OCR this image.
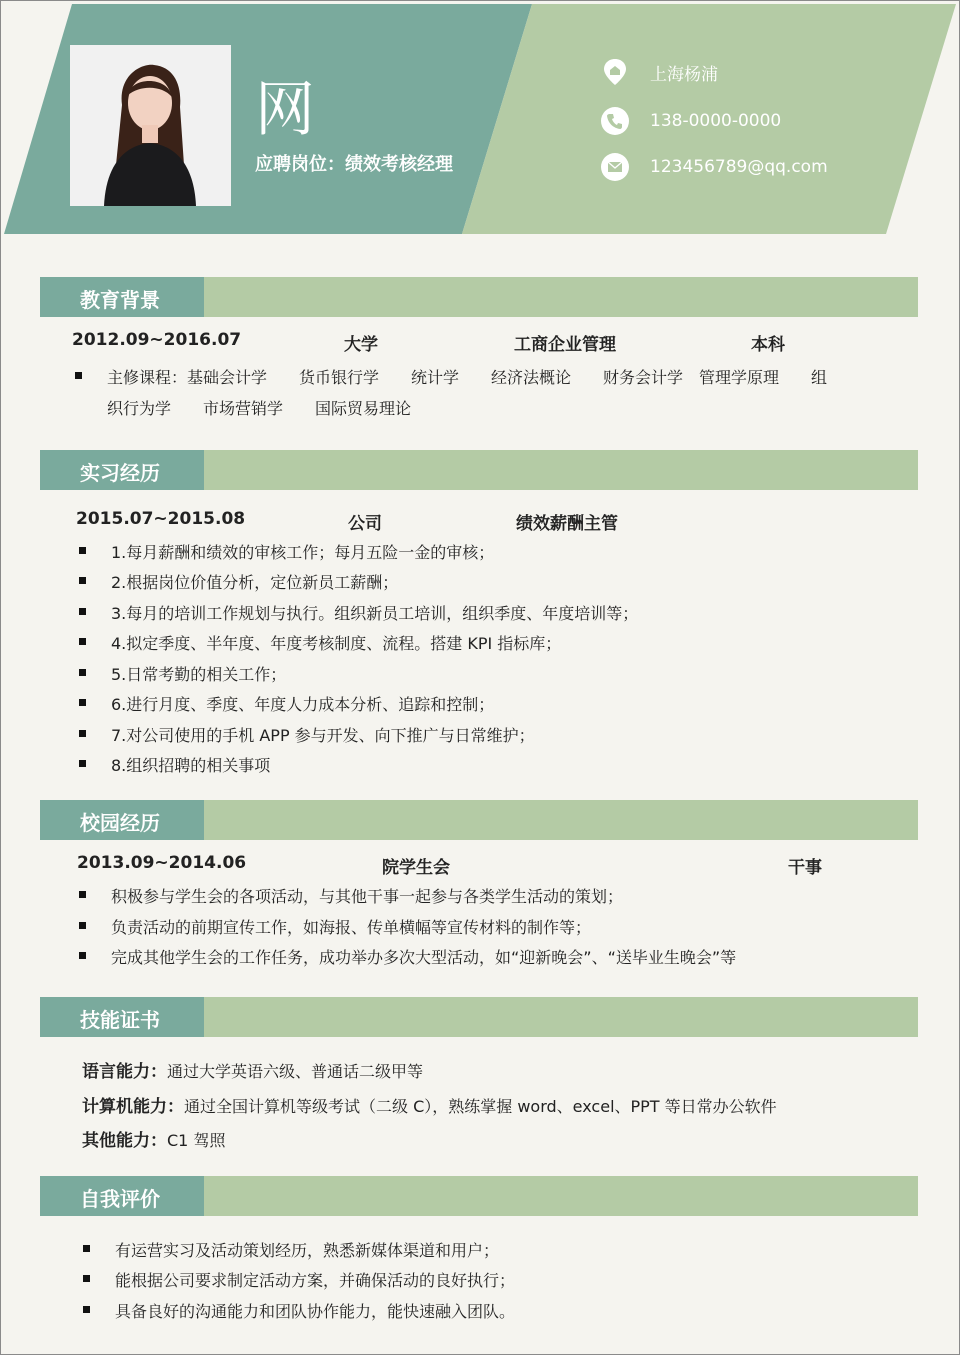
网
应聘岗位：绩效考核经理
上海杨浦
138-0000-0000
123456789@qq.com
教育背景
2012.09~2016.07	大学	工商企业管理	本科
主修课程：基础会计学　　货币银行学　　统计学　　经济法概论　　财务会计学　管理学原理　　组
织行为学　　市场营销学　　国际贸易理论
实习经历
2015.07~2015.08	公司	绩效薪酬主管
1.每月薪酬和绩效的审核工作；每月五险一金的审核；
2.根据岗位价值分析，定位新员工薪酬；
3.每月的培训工作规划与执行。组织新员工培训，组织季度、年度培训等；
4.拟定季度、半年度、年度考核制度、流程。搭建 KPI 指标库；
5.日常考勤的相关工作；
6.进行月度、季度、年度人力成本分析、追踪和控制；
7.对公司使用的手机 APP 参与开发、向下推广与日常维护；
8.组织招聘的相关事项
校园经历
2013.09~2014.06	院学生会	干事
积极参与学生会的各项活动，与其他干事一起参与各类学生活动的策划；
负责活动的前期宣传工作，如海报、传单横幅等宣传材料的制作等；
完成其他学生会的工作任务，成功举办多次大型活动，如“迎新晚会”、“送毕业生晚会”等
技能证书
语言能力：通过大学英语六级、普通话二级甲等
计算机能力：通过全国计算机等级考试（二级 C），熟练掌握 word、excel、PPT 等日常办公软件
其他能力：C1 驾照
自我评价
有运营实习及活动策划经历，熟悉新媒体渠道和用户；
能根据公司要求制定活动方案，并确保活动的良好执行；
具备良好的沟通能力和团队协作能力，能快速融入团队。
